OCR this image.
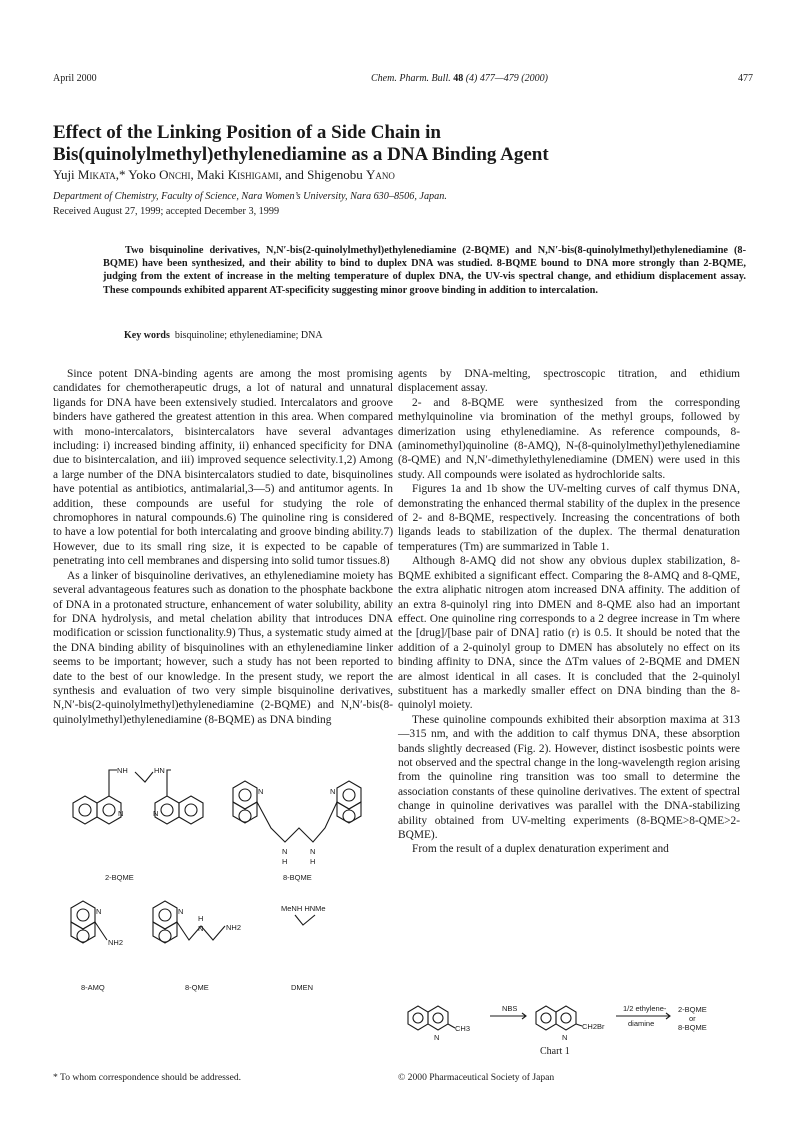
April 2000	Chem. Pharm. Bull. 48 (4) 477—479 (2000)	477
Effect of the Linking Position of a Side Chain in
Bis(quinolylmethyl)ethylenediamine as a DNA Binding Agent
Yuji Mikata,* Yoko Onchi, Maki Kishigami, and Shigenobu Yano
Department of Chemistry, Faculty of Science, Nara Women’s University, Nara 630–8506, Japan.
Received August 27, 1999; accepted December 3, 1999
Two bisquinoline derivatives, N,N′-bis(2-quinolylmethyl)ethylenediamine (2-BQME) and N,N′-bis(8-quinolylmethyl)ethylenediamine (8-BQME) have been synthesized, and their ability to bind to duplex DNA was studied. 8-BQME bound to DNA more strongly than 2-BQME, judging from the extent of increase in the melting temperature of duplex DNA, the UV-vis spectral change, and ethidium displacement assay. These compounds exhibited apparent AT-specificity suggesting minor groove binding in addition to intercalation.
Key words bisquinoline; ethylenediamine; DNA

Since potent DNA-binding agents are among the most promising candidates for chemotherapeutic drugs, a lot of natural and unnatural ligands for DNA have been extensively studied. Intercalators and groove binders have gathered the greatest attention in this area. When compared with mono-intercalators, bisintercalators have several advantages including: i) increased binding affinity, ii) enhanced specificity for DNA due to bisintercalation, and iii) improved sequence selectivity.1,2) Among a large number of the DNA bisintercalators studied to date, bisquinolines have potential as antibiotics, antimalarial,3—5) and antitumor agents. In addition, these compounds are useful for studying the role of chromophores in natural compounds.6) The quinoline ring is considered to have a low potential for both intercalating and groove binding ability.7) However, due to its small ring size, it is expected to be capable of penetrating into cell membranes and dispersing into solid tumor tissues.8)

As a linker of bisquinoline derivatives, an ethylenediamine moiety has several advantageous features such as donation to the phosphate backbone of DNA in a protonated structure, enhancement of water solubility, ability for DNA hydrolysis, and metal chelation ability that introduces DNA modification or scission functionality.9) Thus, a systematic study aimed at the DNA binding ability of bisquinolines with an ethylenediamine linker seems to be important; however, such a study has not been reported to date to the best of our knowledge. In the present study, we report the synthesis and evaluation of two very simple bisquinoline derivatives, N,N′-bis(2-quinolylmethyl)ethylenediamine (2-BQME) and N,N′-bis(8-quinolylmethyl)ethylenediamine (8-BQME) as DNA binding

agents by DNA-melting, spectroscopic titration, and ethidium displacement assay.

2- and 8-BQME were synthesized from the corresponding methylquinoline via bromination of the methyl groups, followed by dimerization using ethylenediamine. As reference compounds, 8-(aminomethyl)quinoline (8-AMQ), N-(8-quinolylmethyl)ethylenediamine (8-QME) and N,N′-dimethylethylenediamine (DMEN) were used in this study. All compounds were isolated as hydrochloride salts.

Figures 1a and 1b show the UV-melting curves of calf thymus DNA, demonstrating the enhanced thermal stability of the duplex in the presence of 2- and 8-BQME, respectively. Increasing the concentrations of both ligands leads to stabilization of the duplex. The thermal denaturation temperatures (Tm) are summarized in Table 1.

Although 8-AMQ did not show any obvious duplex stabilization, 8-BQME exhibited a significant effect. Comparing the 8-AMQ and 8-QME, the extra aliphatic nitrogen atom increased DNA affinity. The addition of an extra 8-quinolyl ring into DMEN and 8-QME also had an important effect. One quinoline ring corresponds to a 2 degree increase in Tm where the [drug]/[base pair of DNA] ratio (r) is 0.5. It should be noted that the addition of a 2-quinolyl group to DMEN has absolutely no effect on its binding affinity to DNA, since the ΔTm values of 2-BQME and DMEN are almost identical in all cases. It is concluded that the 2-quinolyl substituent has a markedly smaller effect on DNA binding than the 8-quinolyl moiety.

These quinoline compounds exhibited their absorption maxima at 313—315 nm, and with the addition to calf thymus DNA, these absorption bands slightly decreased (Fig. 2). However, distinct isosbestic points were not observed and the spectral change in the long-wavelength region arising from the quinoline ring transition was too small to determine the association constants of these quinoline derivatives. The extent of spectral change in quinoline derivatives was parallel with the DNA-stabilizing ability obtained from UV-melting experiments (8-BQME>8-QME>2-BQME).

From the result of a duplex denaturation experiment and

NH	HN
N	N
2-BQME
N	N
N
H
N
H
8-BQME
N
NH2
8-AMQ
N
H
N	NH2
8-QME
MeNH HNMe
DMEN
N
CH3
NBS
N
CH2Br
1/2 ethylene-
diamine
2-BQME
or
8-BQME
Chart 1
* To whom correspondence should be addressed.	© 2000 Pharmaceutical Society of Japan
